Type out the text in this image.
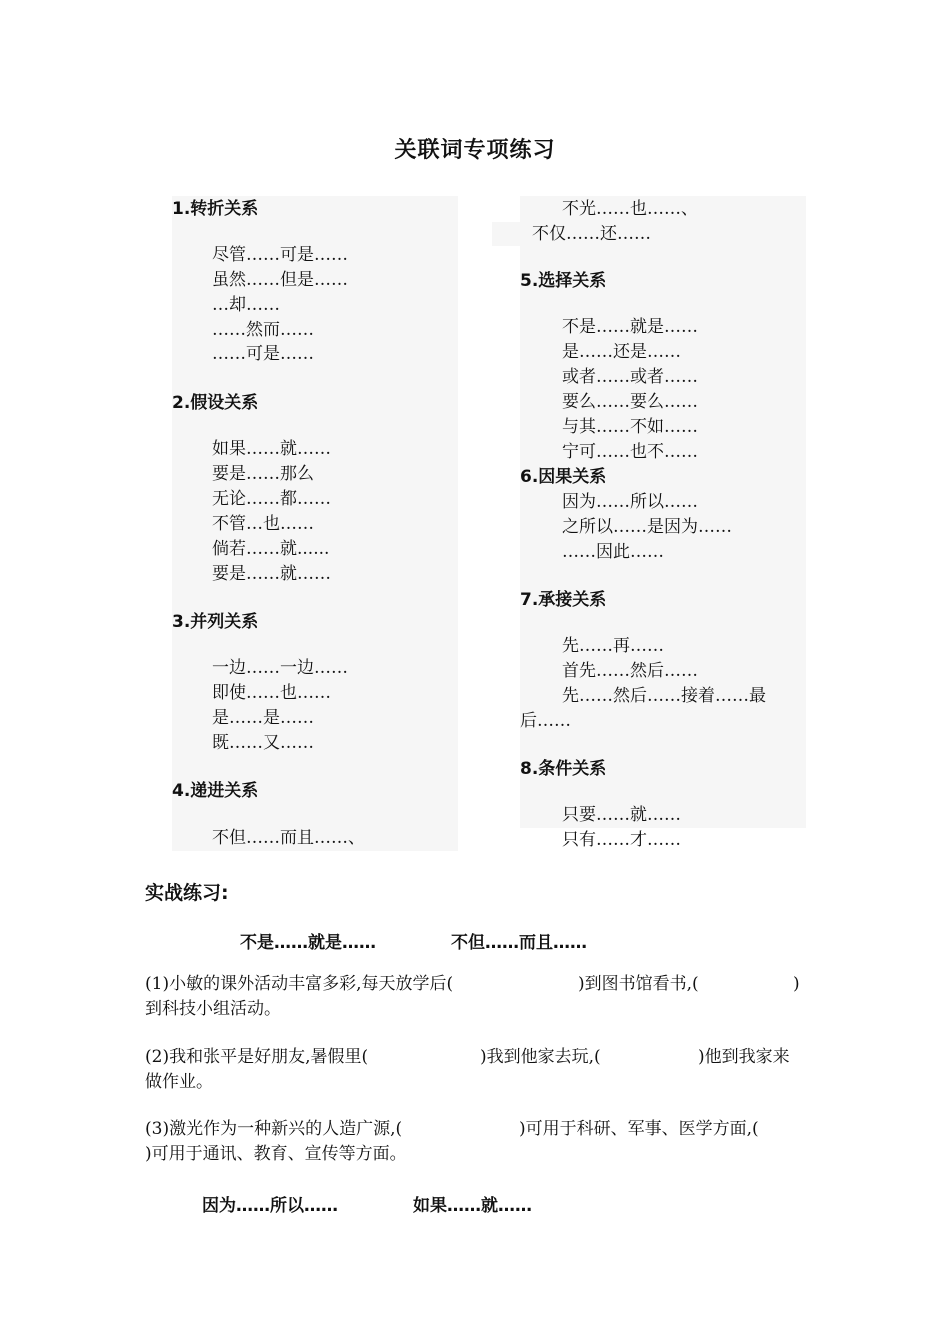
关联词专项练习
1.转折关系
尽管……可是……
虽然……但是……
…却……
……然而……
……可是……
2.假设关系
如果……就……
要是……那么
无论……都……
不管…也……
倘若……就......
要是……就……
3.并列关系
一边……一边……
即使……也……
是……是……
既……又……
4.递进关系
不但……而且……、
不光……也……、
不仅……还……
5.选择关系
不是……就是……
是……还是……
或者……或者……
要么……要么……
与其……不如……
宁可……也不……
6.因果关系
因为……所以……
之所以……是因为……
……因此……
7.承接关系
先……再……
首先……然后……
先……然后……接着……最
后……
8.条件关系
只要……就……
只有……才……
实战练习:
不是……就是……	不但……而且……
(1)小敏的课外活动丰富多彩,每天放学后(	)到图书馆看书,(	)
到科技小组活动。
(2)我和张平是好朋友,暑假里(	)我到他家去玩,(	)他到我家来
做作业。
(3)激光作为一种新兴的人造广源,(	)可用于科研、军事、医学方面,(
)可用于通讯、教育、宣传等方面。
因为……所以……	如果……就……
